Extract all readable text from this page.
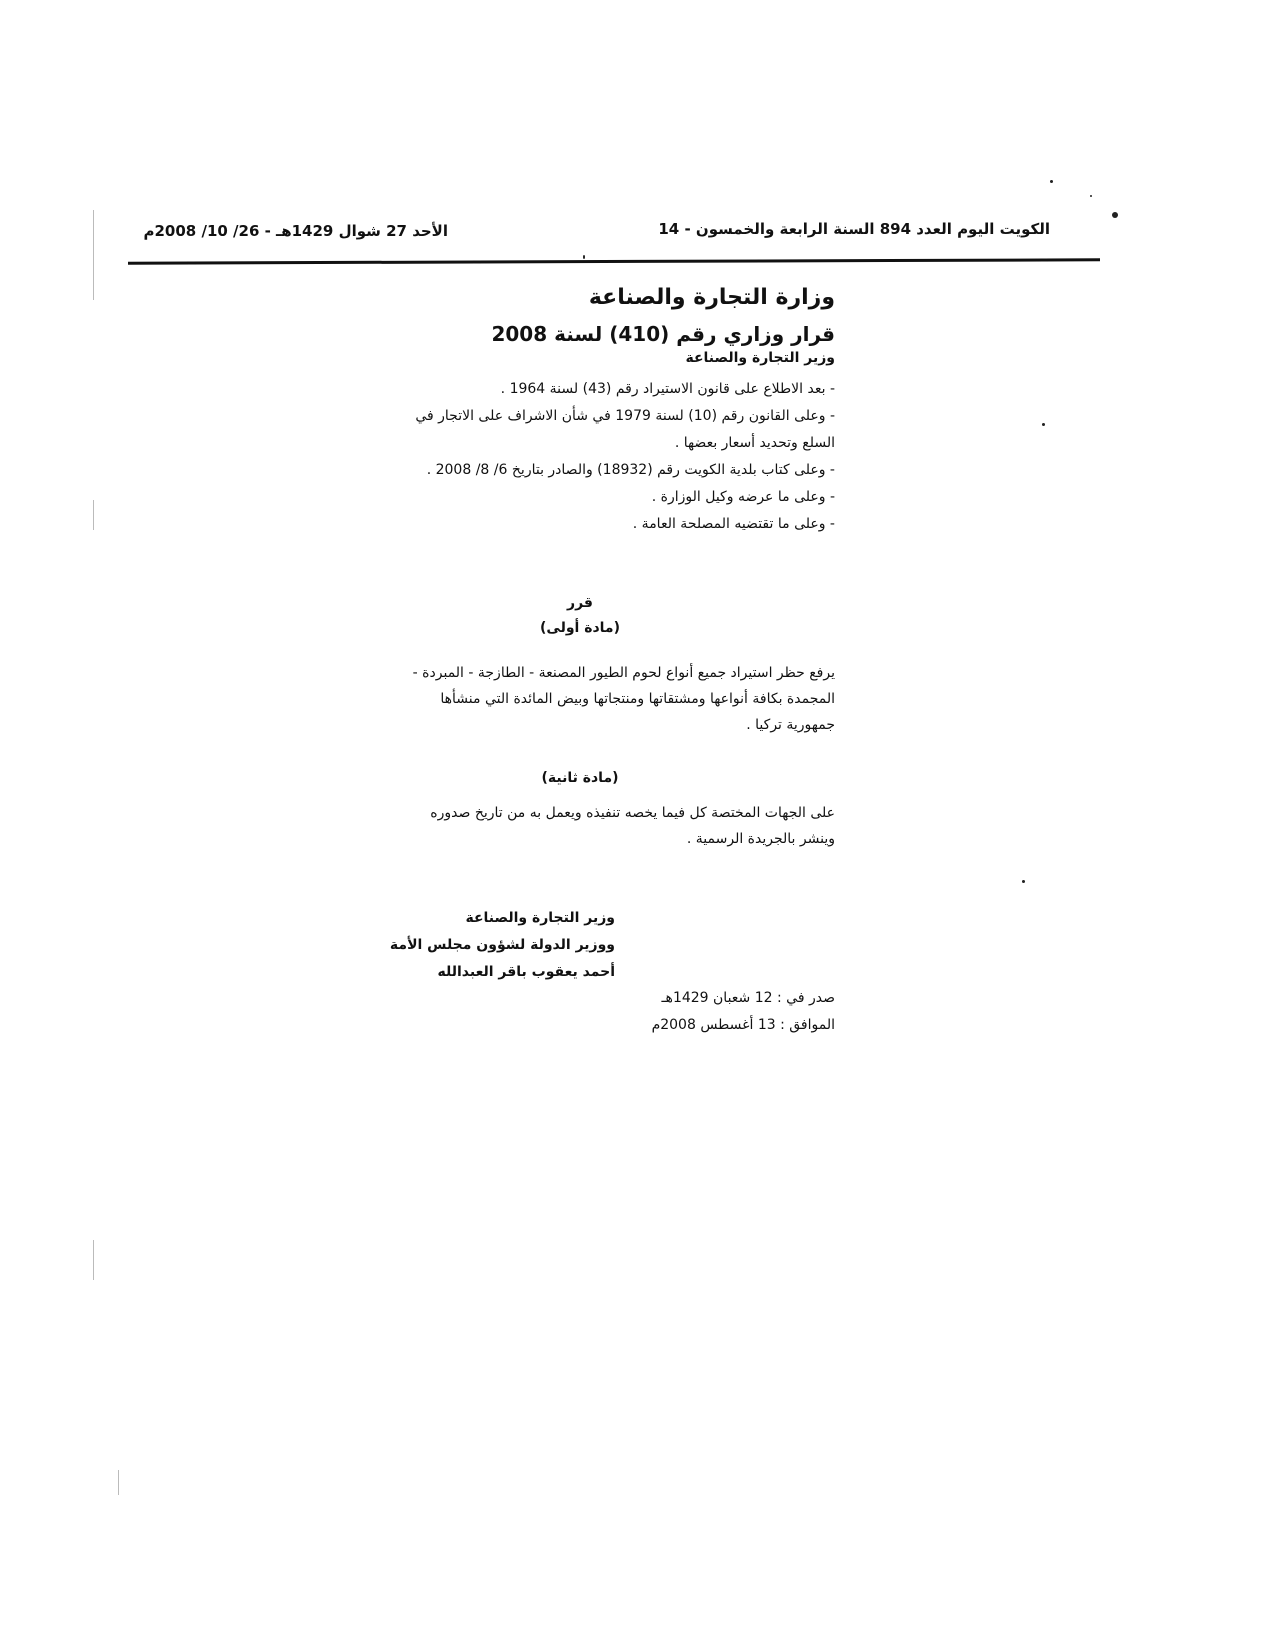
الكويت اليوم العدد 894 السنة الرابعة والخمسون - 14
الأحد 27 شوال 1429هـ - 26/ 10/ 2008م
وزارة التجارة والصناعة
قرار وزاري رقم (410) لسنة 2008
وزير التجارة والصناعة

- بعد الاطلاع على قانون الاستيراد رقم (43) لسنة 1964 .

- وعلى القانون رقم (10) لسنة 1979 في شأن الاشراف على الاتجار في السلع وتحديد أسعار بعضها .

- وعلى كتاب بلدية الكويت رقم (18932) والصادر بتاريخ 6/ 8/ 2008 .

- وعلى ما عرضه وكيل الوزارة .

- وعلى ما تقتضيه المصلحة العامة .

قرر
(مادة أولى)
يرفع حظر استيراد جميع أنواع لحوم الطيور المصنعة - الطازجة - المبردة - المجمدة بكافة أنواعها ومشتقاتها ومنتجاتها وبيض المائدة التي منشأها جمهورية تركيا .
(مادة ثانية)
على الجهات المختصة كل فيما يخصه تنفيذه ويعمل به من تاريخ صدوره وينشر بالجريدة الرسمية .
وزير التجارة والصناعة
ووزير الدولة لشؤون مجلس الأمة
أحمد يعقوب باقر العبدالله
صدر في : 12 شعبان 1429هـ
الموافق : 13 أغسطس 2008م
